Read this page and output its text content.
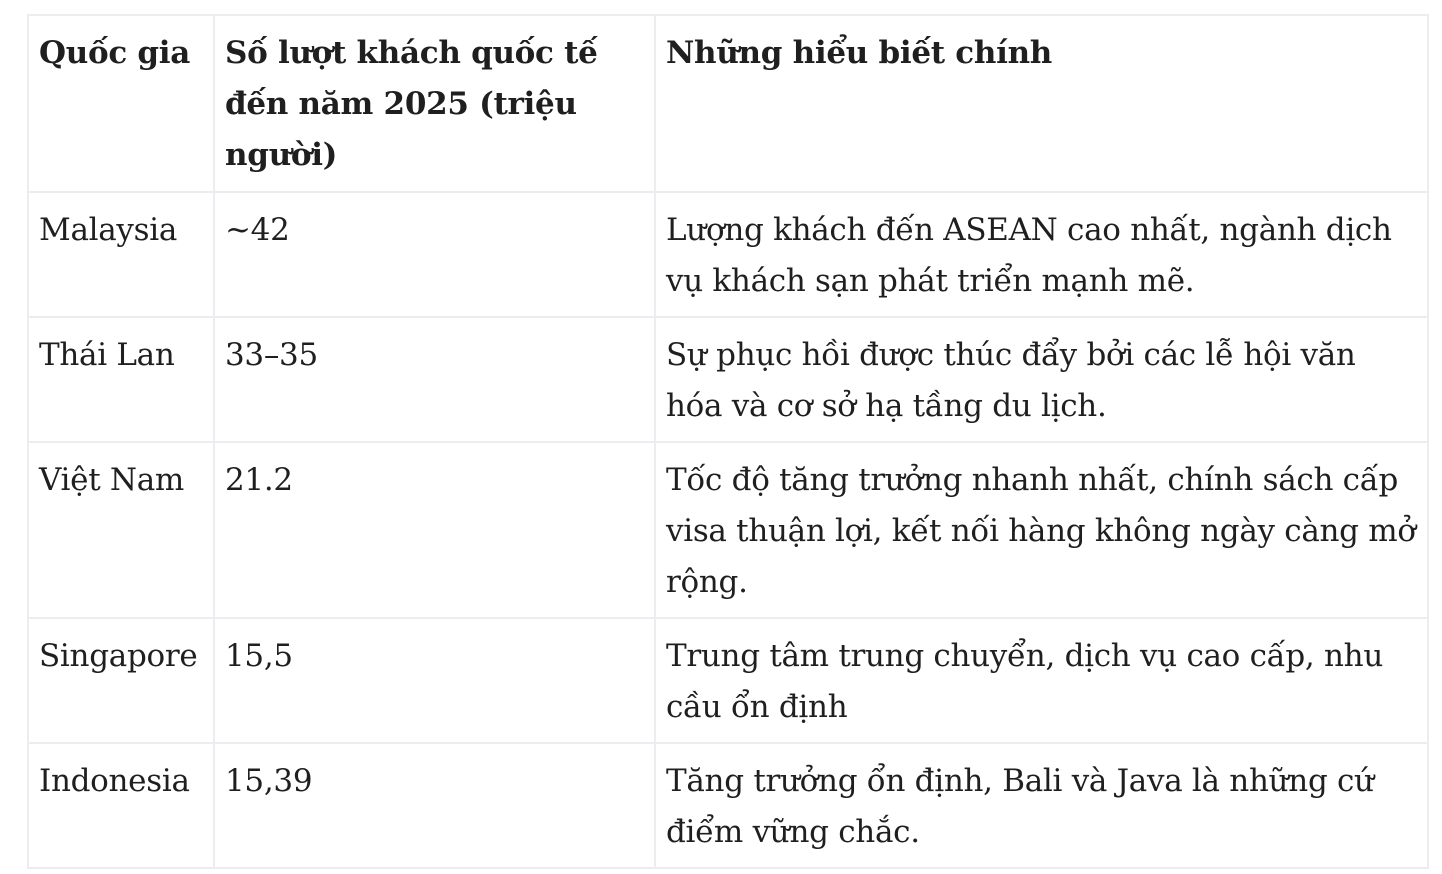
Quốc gia	Số lượt khách quốc tế đến năm 2025 (triệu người)	Những hiểu biết chính
Malaysia	~42	Lượng khách đến ASEAN cao nhất, ngành dịch vụ khách sạn phát triển mạnh mẽ.
Thái Lan	33–35	Sự phục hồi được thúc đẩy bởi các lễ hội văn hóa và cơ sở hạ tầng du lịch.
Việt Nam	21.2	Tốc độ tăng trưởng nhanh nhất, chính sách cấp visa thuận lợi, kết nối hàng không ngày càng mở rộng.
Singapore	15,5	Trung tâm trung chuyển, dịch vụ cao cấp, nhu cầu ổn định
Indonesia	15,39	Tăng trưởng ổn định, Bali và Java là những cứ điểm vững chắc.
